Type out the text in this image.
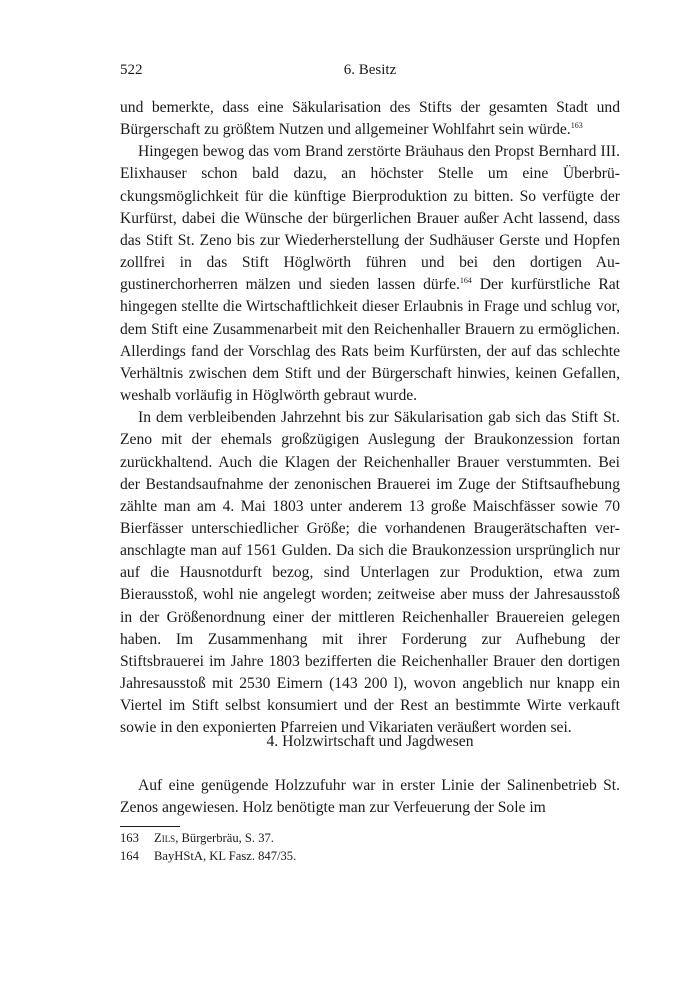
522	6. Besitz

und bemerkte, dass eine Säkularisation des Stifts der gesamten Stadt und Bürgerschaft zu größtem Nutzen und allgemeiner Wohlfahrt sein würde.$^{163}$

Hingegen bewog das vom Brand zerstörte Bräuhaus den Propst Bernhard III. Elixhauser schon bald dazu, an höchster Stelle um eine Überbrückungsmöglichkeit für die künftige Bierproduktion zu bitten. So verfügte der Kurfürst, dabei die Wünsche der bürgerlichen Brauer außer Acht lassend, dass das Stift St. Zeno bis zur Wiederherstellung der Sudhäuser Gerste und Hopfen zollfrei in das Stift Höglwörth führen und bei den dortigen Augustinerchorherren mälzen und sieden lassen dürfe.$^{164}$ Der kurfürstliche Rat hingegen stellte die Wirtschaftlichkeit dieser Erlaubnis in Frage und schlug vor, dem Stift eine Zusammenarbeit mit den Reichenhaller Brauern zu ermöglichen. Allerdings fand der Vorschlag des Rats beim Kurfürsten, der auf das schlechte Verhältnis zwischen dem Stift und der Bürgerschaft hinwies, keinen Gefallen, weshalb vorläufig in Höglwörth gebraut wurde.

In dem verbleibenden Jahrzehnt bis zur Säkularisation gab sich das Stift St. Zeno mit der ehemals großzügigen Auslegung der Braukonzession fortan zurückhaltend. Auch die Klagen der Reichenhaller Brauer verstummten. Bei der Bestandsaufnahme der zenonischen Brauerei im Zuge der Stiftsaufhebung zählte man am 4. Mai 1803 unter anderem 13 große Maischfässer sowie 70 Bierfässer unterschiedlicher Größe; die vorhandenen Braugerätschaften veranschlagte man auf 1561 Gulden. Da sich die Braukonzession ursprünglich nur auf die Hausnotdurft bezog, sind Unterlagen zur Produktion, etwa zum Bierausstoß, wohl nie angelegt worden; zeitweise aber muss der Jahresausstoß in der Größenordnung einer der mittleren Reichenhaller Brauereien gelegen haben. Im Zusammenhang mit ihrer Forderung zur Aufhebung der Stiftsbrauerei im Jahre 1803 bezifferten die Reichenhaller Brauer den dortigen Jahresausstoß mit 2530 Eimern (143 200 l), wovon angeblich nur knapp ein Viertel im Stift selbst konsumiert und der Rest an bestimmte Wirte verkauft sowie in den exponierten Pfarreien und Vikariaten veräußert worden sei.

4. Holzwirtschaft und Jagdwesen

Auf eine genügende Holzzufuhr war in erster Linie der Salinenbetrieb St. Zenos angewiesen. Holz benötigte man zur Verfeuerung der Sole im

163	Zils, Bürgerbräu, S. 37.
164	BayHStA, KL Fasz. 847/35.
